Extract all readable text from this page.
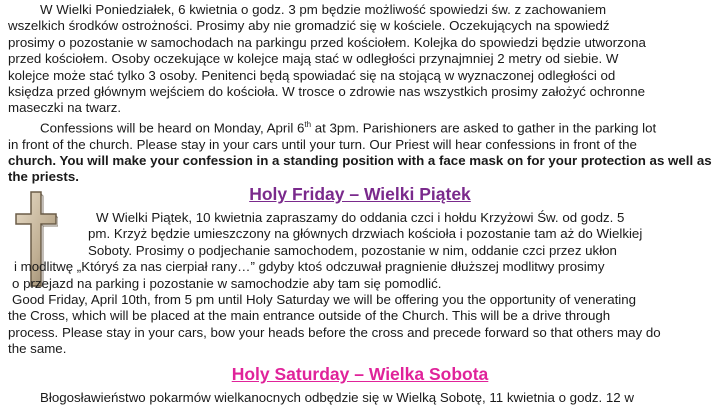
W Wielki Poniedziałek, 6 kwietnia o godz. 3 pm będzie możliwość spowiedzi św. z zachowaniem
wszelkich środków ostrożności. Prosimy aby nie gromadzić się w kościele. Oczekujących na spowiedź
prosimy o pozostanie w samochodach na parkingu przed kościołem. Kolejka do spowiedzi będzie utworzona
przed kościołem. Osoby oczekujące w kolejce mają stać w odległości przynajmniej 2 metry od siebie. W
kolejce może stać tylko 3 osoby. Penitenci będą spowiadać się na stojącą w wyznaczonej odległości od
księdza przed głównym wejściem do kościoła. W trosce o zdrowie nas wszystkich prosimy założyć ochronne
maseczki na twarz.
Confessions will be heard on Monday, April 6th at 3pm. Parishioners are asked to gather in the parking lot
in front of the church. Please stay in your cars until your turn. Our Priest will hear confessions in front of the
church. You will make your confession in a standing position with a face mask on for your protection as well as
the priests.
Holy Friday – Wielki Piątek
W Wielki Piątek, 10 kwietnia zapraszamy do oddania czci i hołdu Krzyżowi Św. od godz. 5
pm. Krzyż będzie umieszczony na głównych drzwiach kościoła i pozostanie tam aż do Wielkiej
Soboty. Prosimy o podjechanie samochodem, pozostanie w nim, oddanie czci przez ukłon
i modlitwę „Któryś za nas cierpiał rany…” gdyby ktoś odczuwał pragnienie dłuższej modlitwy prosimy
o przejazd na parking i pozostanie w samochodzie aby tam się pomodlić.
Good Friday, April 10th, from 5 pm until Holy Saturday we will be offering you the opportunity of venerating
the Cross, which will be placed at the main entrance outside of the Church. This will be a drive through
process. Please stay in your cars, bow your heads before the cross and precede forward so that others may do
the same.
Holy Saturday – Wielka Sobota
Błogosławieństwo pokarmów wielkanocnych odbędzie się w Wielką Sobotę, 11 kwietnia o godz. 12 w
